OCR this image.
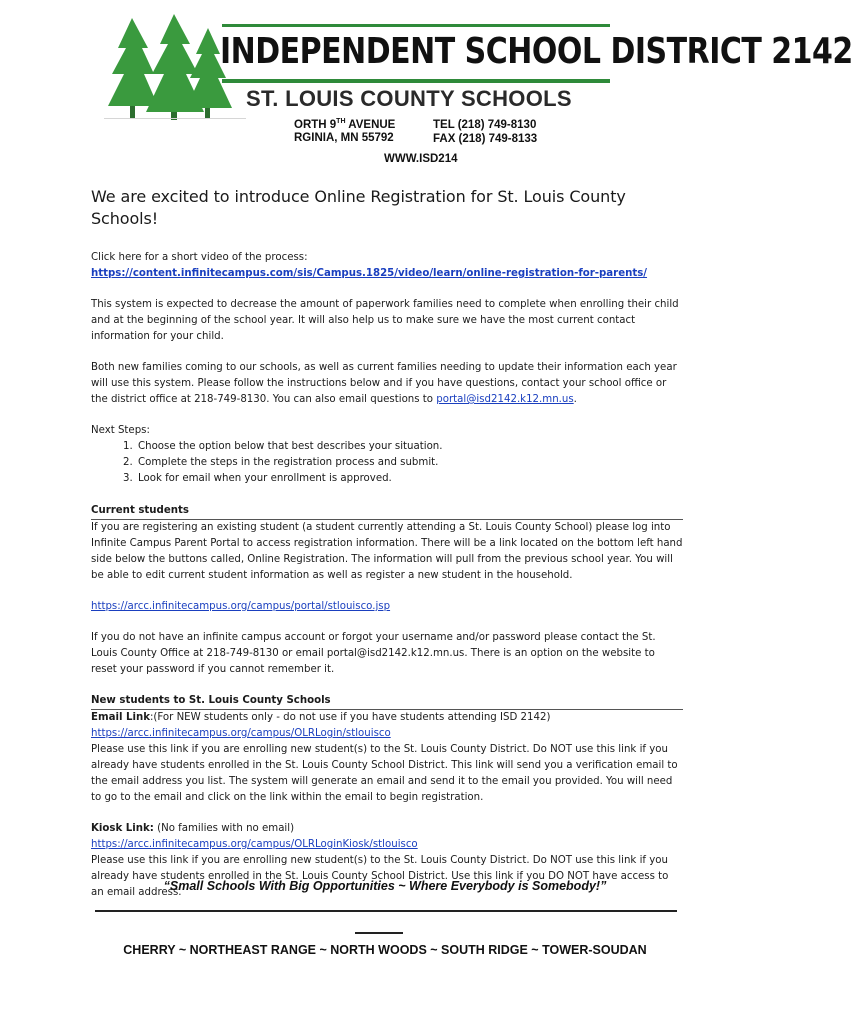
INDEPENDENT SCHOOL DISTRICT 2142
ST. LOUIS COUNTY SCHOOLS
ORTH 9TH AVENUE
RGINIA, MN 55792
TEL (218) 749-8130
FAX (218) 749-8133
WWW.ISD214
We are excited to introduce Online Registration for St. Louis County Schools!

Click here for a short video of the process:

https://content.infinitecampus.com/sis/Campus.1825/video/learn/online-registration-for-parents/

This system is expected to decrease the amount of paperwork families need to complete when enrolling their child and at the beginning of the school year. It will also help us to make sure we have the most current contact information for your child.

Both new families coming to our schools, as well as current families needing to update their information each year will use this system. Please follow the instructions below and if you have questions, contact your school office or the district office at 218-749-8130. You can also email questions to portal@isd2142.k12.mn.us.

Next Steps:

1. Choose the option below that best describes your situation.
2. Complete the steps in the registration process and submit.
3. Look for email when your enrollment is approved.
Current students

If you are registering an existing student (a student currently attending a St. Louis County School) please log into Infinite Campus Parent Portal to access registration information. There will be a link located on the bottom left hand side below the buttons called, Online Registration. The information will pull from the previous school year. You will be able to edit current student information as well as register a new student in the household.

https://arcc.infinitecampus.org/campus/portal/stlouisco.jsp

If you do not have an infinite campus account or forgot your username and/or password please contact the St. Louis County Office at 218-749-8130 or email portal@isd2142.k12.mn.us. There is an option on the website to reset your password if you cannot remember it.

New students to St. Louis County Schools

Email Link:(For NEW students only - do not use if you have students attending ISD 2142)

https://arcc.infinitecampus.org/campus/OLRLogin/stlouisco

Please use this link if you are enrolling new student(s) to the St. Louis County District. Do NOT use this link if you already have students enrolled in the St. Louis County School District. This link will send you a verification email to the email address you list. The system will generate an email and send it to the email you provided. You will need to go to the email and click on the link within the email to begin registration.

Kiosk Link: (No families with no email)

https://arcc.infinitecampus.org/campus/OLRLoginKiosk/stlouisco

Please use this link if you are enrolling new student(s) to the St. Louis County District. Do NOT use this link if you already have students enrolled in the St. Louis County School District. Use this link if you DO NOT have access to an email address.

“Small Schools With Big Opportunities ~ Where Everybody is Somebody!”
CHERRY ~ NORTHEAST RANGE ~ NORTH WOODS ~ SOUTH RIDGE ~ TOWER-SOUDAN
